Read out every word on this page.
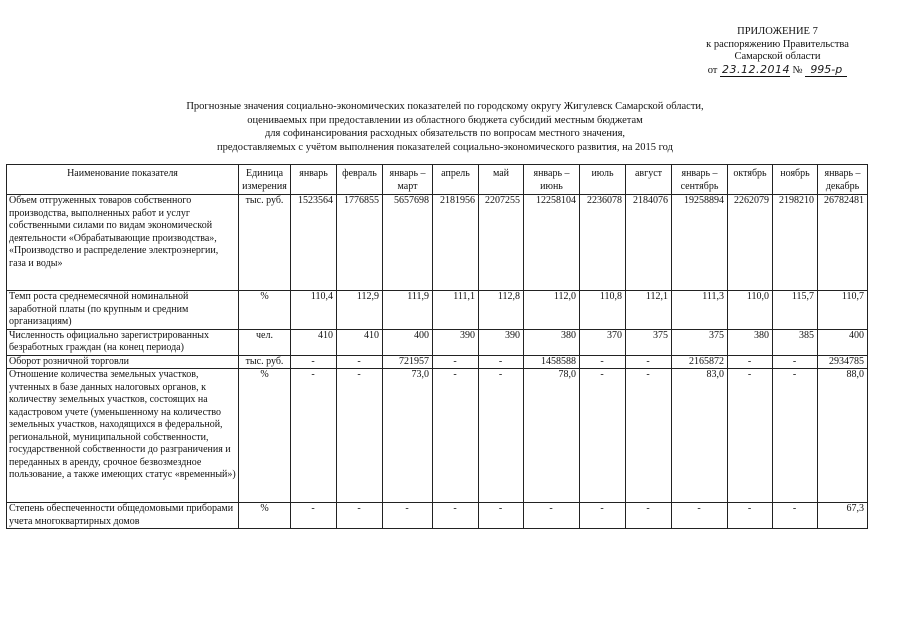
ПРИЛОЖЕНИЕ 7
к распоряжению Правительства
Самарской области
от 23.12.2014 № 995-р
Прогнозные значения социально-экономических показателей по городскому округу Жигулевск Самарской области,
оцениваемых при предоставлении из областного бюджета субсидий местным бюджетам
для софинансирования расходных обязательств по вопросам местного значения,
предоставляемых с учётом выполнения показателей социально-экономического развития, на 2015 год
Наименование показателя	Единица измерения	январь	февраль	январь – март	апрель	май	январь – июнь	июль	август	январь – сентябрь	октябрь	ноябрь	январь – декабрь
Объем отгруженных товаров собственного производства, выполненных работ и услуг собственными силами по видам экономической деятельности «Обрабатывающие производства», «Производство и распределение электроэнергии, газа и воды»	тыс. руб.	1523564	1776855	5657698	2181956	2207255	12258104	2236078	2184076	19258894	2262079	2198210	26782481
Темп роста среднемесячной номинальной заработной платы (по крупным и средним организациям)	%	110,4	112,9	111,9	111,1	112,8	112,0	110,8	112,1	111,3	110,0	115,7	110,7
Численность официально зарегистрированных безработных граждан (на конец периода)	чел.	410	410	400	390	390	380	370	375	375	380	385	400
Оборот розничной торговли	тыс. руб.	-	-	721957	-	-	1458588	-	-	2165872	-	-	2934785
Отношение количества земельных участков, учтенных в базе данных налоговых органов, к количеству земельных участков, состоящих на кадастровом учете (уменьшенному на количество земельных участков, находящихся в федеральной, региональной, муниципальной собственности, государственной собственности до разграничения и переданных в аренду, срочное безвозмездное пользование, а также имеющих статус «временный»)	%	-	-	73,0	-	-	78,0	-	-	83,0	-	-	88,0
Степень обеспеченности общедомовыми приборами учета многоквартирных домов	%	-	-	-	-	-	-	-	-	-	-	-	67,3
